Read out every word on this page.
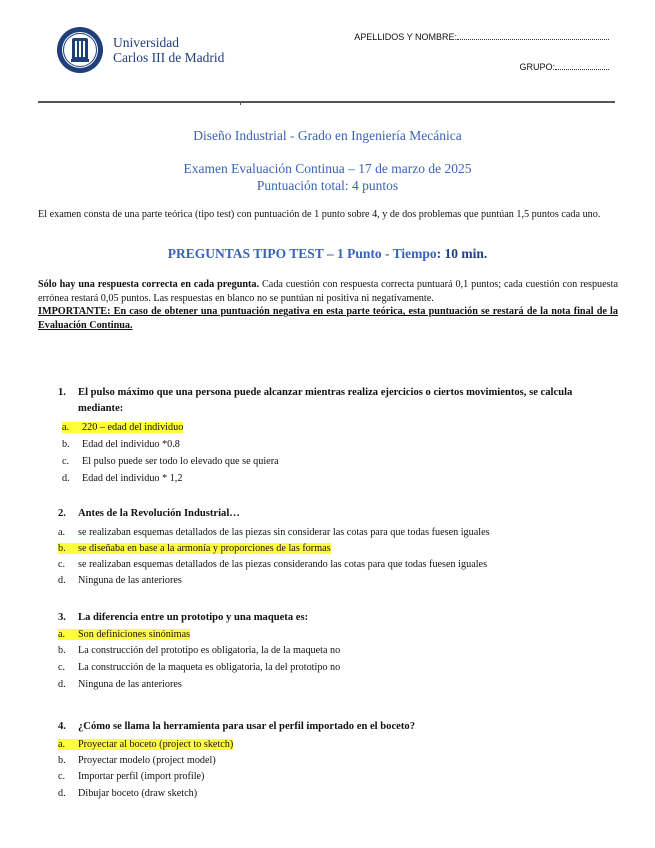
Universidad
Carlos III de Madrid
APELLIDOS Y NOMBRE:
GRUPO:
Diseño Industrial - Grado en Ingeniería Mecánica
Examen Evaluación Continua – 17 de marzo de 2025
Puntuación total: 4 puntos
El examen consta de una parte teórica (tipo test) con puntuación de 1 punto sobre 4, y de dos problemas que puntúan 1,5 puntos cada uno.
PREGUNTAS TIPO TEST – 1 Punto - Tiempo: 10 min.
Sólo hay una respuesta correcta en cada pregunta. Cada cuestión con respuesta correcta puntuará 0,1 puntos; cada cuestión con respuesta errónea restará 0,05 puntos. Las respuestas en blanco no se puntúan ni positiva ni negativamente.
IMPORTANTE: En caso de obtener una puntuación negativa en esta parte teórica, esta puntuación se restará de la nota final de la Evaluación Continua.
1.	El pulso máximo que una persona puede alcanzar mientras realiza ejercicios o ciertos movimientos, se calcula mediante:
a. 220 – edad del individuo
b. Edad del individuo *0.8
c. El pulso puede ser todo lo elevado que se quiera
d. Edad del individuo * 1,2
2.	Antes de la Revolución Industrial…
a. se realizaban esquemas detallados de las piezas sin considerar las cotas para que todas fuesen iguales
b. se diseñaba en base a la armonía y proporciones de las formas
c. se realizaban esquemas detallados de las piezas considerando las cotas para que todas fuesen iguales
d. Ninguna de las anteriores
3.	La diferencia entre un prototipo y una maqueta es:
a. Son definiciones sinónimas
b. La construcción del prototipo es obligatoria, la de la maqueta no
c. La construcción de la maqueta es obligatoria, la del prototipo no
d. Ninguna de las anteriores
4.	¿Cómo se llama la herramienta para usar el perfil importado en el boceto?
a. Proyectar al boceto (project to sketch)
b. Proyectar modelo (project model)
c. Importar perfil (import profile)
d. Dibujar boceto (draw sketch)
